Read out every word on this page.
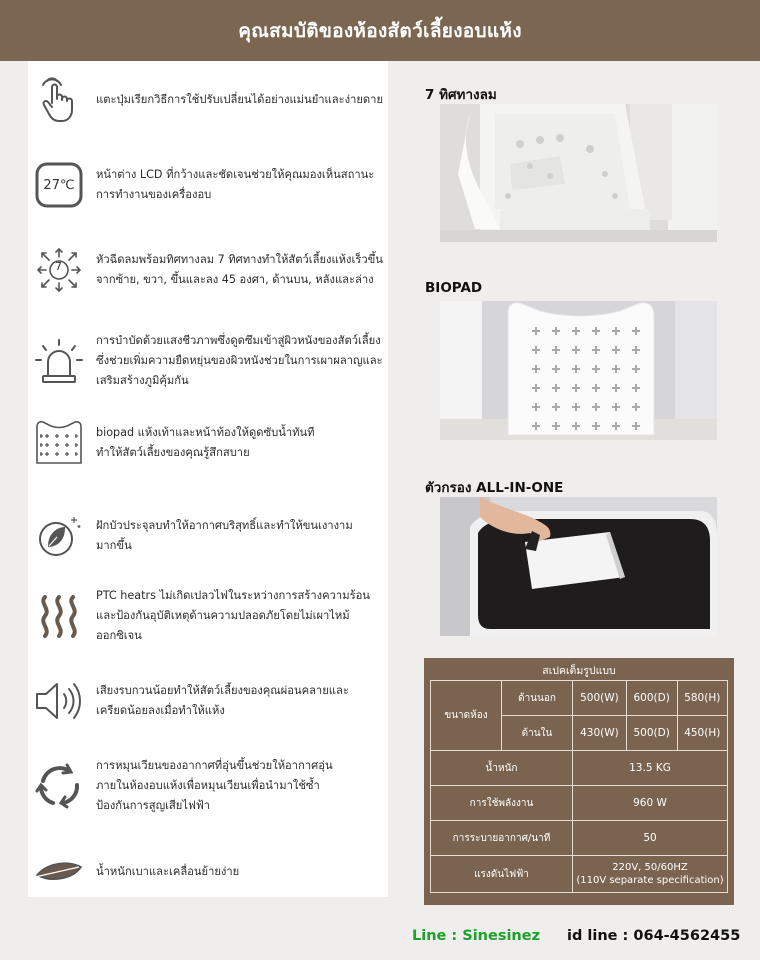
คุณสมบัติของห้องสัตว์เลี้ยงอบแห้ง
แตะปุ่มเรียกวิธีการใช้ปรับเปลี่ยนได้อย่างแม่นยำและง่ายดาย
27℃
หน้าต่าง LCD ที่กว้างและชัดเจนช่วยให้คุณมองเห็นสถานะ
การทำงานของเครื่องอบ
7
หัวฉีดลมพร้อมทิศทางลม 7 ทิศทางทำให้สัตว์เลี้ยงแห้งเร็วขึ้น
จากซ้าย, ขวา, ขึ้นและลง 45 องศา, ด้านบน, หลังและล่าง
การบำบัดด้วยแสงชีวภาพซึ่งดูดซึมเข้าสู่ผิวหนังของสัตว์เลี้ยง
ซึ่งช่วยเพิ่มความยืดหยุ่นของผิวหนังช่วยในการเผาผลาญและ
เสริมสร้างภูมิคุ้มกัน
biopad แห้งเท้าและหน้าท้องให้ดูดซับน้ำทันที
ทำให้สัตว์เลี้ยงของคุณรู้สึกสบาย
ฝักบัวประจุลบทำให้อากาศบริสุทธิ์และทำให้ขนเงางาม
มากขึ้น
PTC heatrs ไม่เกิดเปลวไฟในระหว่างการสร้างความร้อน
และป้องกันอุบัติเหตุด้านความปลอดภัยโดยไม่เผาไหม้
ออกซิเจน
เสียงรบกวนน้อยทำให้สัตว์เลี้ยงของคุณผ่อนคลายและ
เครียดน้อยลงเมื่อทำให้แห้ง
การหมุนเวียนของอากาศที่อุ่นขึ้นช่วยให้อากาศอุ่น
ภายในห้องอบแห้งเพื่อหมุนเวียนเพื่อนำมาใช้ซ้ำ
ป้องกันการสูญเสียไฟฟ้า
น้ำหนักเบาและเคลื่อนย้ายง่าย
7 ทิศทางลม
BIOPAD
ตัวกรอง ALL-IN-ONE
สเปคเต็มรูปแบบ
ขนาดห้อง	ด้านนอก	500(W)	600(D)	580(H)
	ด้านใน	430(W)	500(D)	450(H)
น้ำหนัก		13.5 KG		
การใช้พลังงาน		960 W		
การระบายอากาศ/นาที		50		
แรงดันไฟฟ้า		220V, 50/60HZ
(110V separate specification)		
Line : Sinesinez id line : 064-4562455
